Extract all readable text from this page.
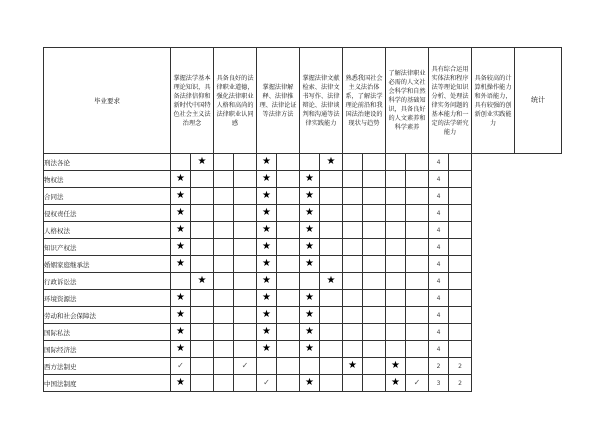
毕业要求	掌握法学基本理论知识，具备法律信仰和新时代中国特色社会主义法治理念		具备良好的法律职业道德，强化法律职业人格和高尚的法律职业认同感		掌握法律解释、法律推理、法律论证等法律方法		掌握法律文献检索、法律文书写作、法律辩论、法律谈判和沟通等法律实践能力		熟悉我国社会主义法治体系，了解法学理论前沿和我国法治建设的现状与趋势		了解法律职业必需的人文社会科学和自然科学的基础知识，具备良好的人文素养和科学素养		具有综合运用实体法和程序法等理论知识分析、处理法律实务问题的基本能力和一定的法学研究能力		具备较高的计算机操作能力和外语能力，具有较强的创新创业实践能力	统计
刑法各论		★			★			★					4			
物权法	★				★		★						4			
合同法	★				★		★						4			
侵权责任法	★				★		★						4			
人格权法	★				★		★						4			
知识产权法	★				★		★						4			
婚姻家庭继承法	★				★		★						4			
行政诉讼法		★			★			★					4			
环境资源法	★				★		★						4			
劳动和社会保障法	★				★		★						4			
国际私法	★				★		★						4			
国际经济法	★				★		★						4			
西方法制史	✓			✓					★		★		2	2		
中国法制度	★				✓		★				★	✓	3	2		
